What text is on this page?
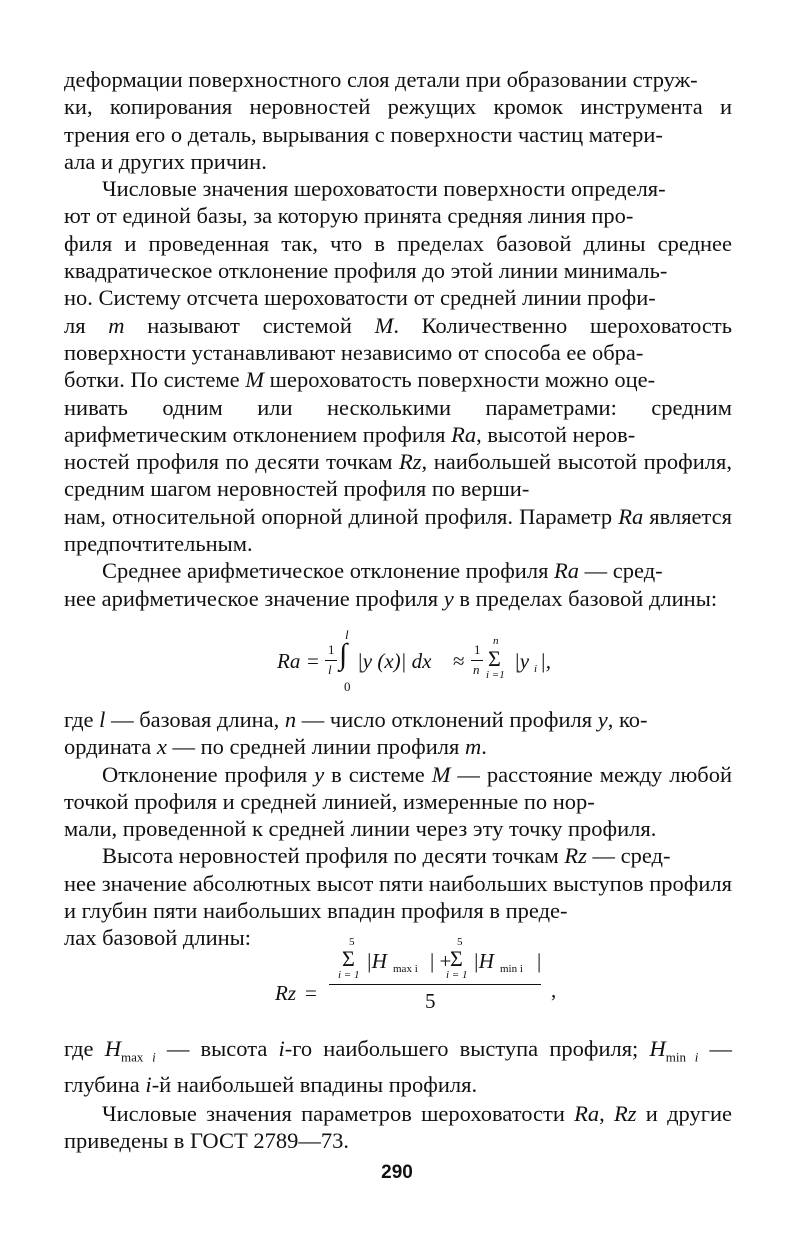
деформации поверхностного слоя детали при образовании струж-
ки, копирования неровностей режущих кромок инструмента и трения его о деталь, вырывания с поверхности частиц матери-
ала и других причин.

Числовые значения шероховатости поверхности определя-
ют от единой базы, за которую принята средняя линия про-
филя и проведенная так, что в пределах базовой длины среднее квадратическое отклонение профиля до этой линии минималь-
но. Систему отсчета шероховатости от средней линии профи-
ля m называют системой M. Количественно шероховатость поверхности устанавливают независимо от способа ее обра-
ботки. По системе M шероховатость поверхности можно оце-
нивать одним или несколькими параметрами: средним арифметическим отклонением профиля Ra, высотой неров-
ностей профиля по десяти точкам Rz, наибольшей высотой профиля, средним шагом неровностей профиля по верши-
нам, относительной опорной длиной профиля. Параметр Ra является предпочтительным.

Среднее арифметическое отклонение профиля Ra — сред-
нее арифметическое значение профиля y в пределах базовой длины:

Ra = 1
l
l
∫
0
|y (x)| dx ≈ 1
n
n
Σ
i =1
|y i |,

где l — базовая длина, n — число отклонений профиля y, ко-
ордината x — по средней линии профиля m.

Отклонение профиля y в системе M — расстояние между любой точкой профиля и средней линией, измеренные по нор-
мали, проведенной к средней линии через эту точку профиля.

Высота неровностей профиля по десяти точкам Rz — сред-
нее значение абсолютных высот пяти наибольших выступов профиля и глубин пяти наибольших впадин профиля в преде-
лах базовой длины:

Rz =
5
Σ
i = 1
|H max i | +
5
Σ
i = 1
|H min i |
5	,

где $H_{max i}$ — высота i-го наибольшего выступа профиля; $H_{min i}$ — глубина i-й наибольшей впадины профиля.

Числовые значения параметров шероховатости Ra, Rz и другие приведены в ГОСТ 2789—73.

290
